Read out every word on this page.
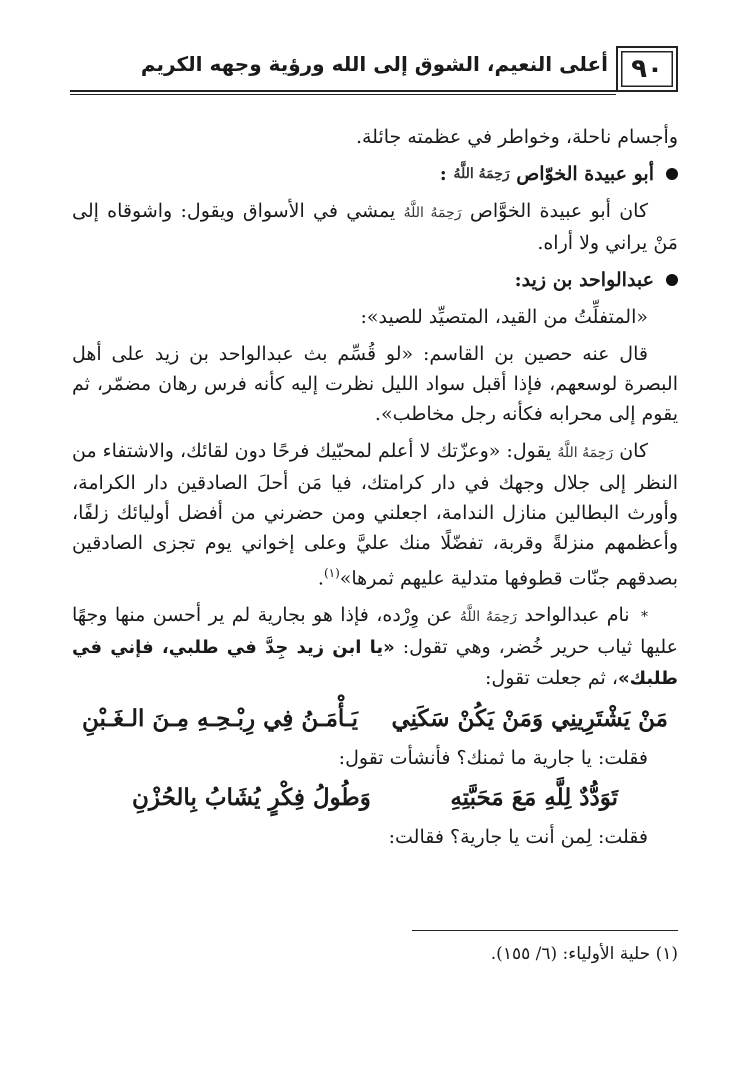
٩٠
أعلى النعيم، الشوق إلى الله ورؤية وجهه الكريم

وأجسام ناحلة، وخواطر في عظمته جائلة.

أبو عبيدة الخوّاص

رَحِمَهُ اللَّهُ

:

كان أبو عبيدة الخوَّاص رَحِمَهُ اللَّهُ يمشي في الأسواق ويقول: واشوقاه إلى مَنْ يراني ولا أراه.

عبدالواحد بن زيد:

«المتفلِّتُ من القيد، المتصيِّد للصيد»:

قال عنه حصين بن القاسم: «لو قُسِّم بث عبدالواحد بن زيد على أهل البصرة لوسعهم، فإذا أقبل سواد الليل نظرت إليه كأنه فرس رهان مضمّر، ثم يقوم إلى محرابه فكأنه رجل مخاطب».

كان رَحِمَهُ اللَّهُ يقول: «وعزّتك لا أعلم لمحبّيك فرحًا دون لقائك، والاشتفاء من النظر إلى جلال وجهك في دار كرامتك، فيا مَن أحلَ الصادقين دار الكرامة، وأورث البطالين منازل الندامة، اجعلني ومن حضرني من أفضل أوليائك زلفًا، وأعظمهم منزلةً وقربة، تفضّلًا منك عليَّ وعلى إخواني يوم تجزى الصادقين بصدقهم جنّات قطوفها متدلية عليهم ثمرها»$^{(١)}$.

* نام عبدالواحد رَحِمَهُ اللَّهُ عن وِرْده، فإذا هو بجارية لم ير أحسن منها وجهًا عليها ثياب حرير خُضر، وهي تقول: «يا ابن زيد جِدَّ في طلبي، فإني في طلبك»، ثم جعلت تقول:

مَنْ يَشْتَرِينِي وَمَنْ يَكُنْ سَكَنِي
يَـأْمَـنُ فِي رِبْـحِـهِ مِـنَ الـغَـبْنِ

فقلت: يا جارية ما ثمنك؟ فأنشأت تقول:

تَوَدُّدٌ لِلَّهِ مَعَ مَحَبَّتِهِ
وَطُولُ فِكْرٍ يُشَابُ بِالحُزْنِ

فقلت: لِمن أنت يا جارية؟ فقالت:

(١) حلية الأولياء: (٦/ ١٥٥).
